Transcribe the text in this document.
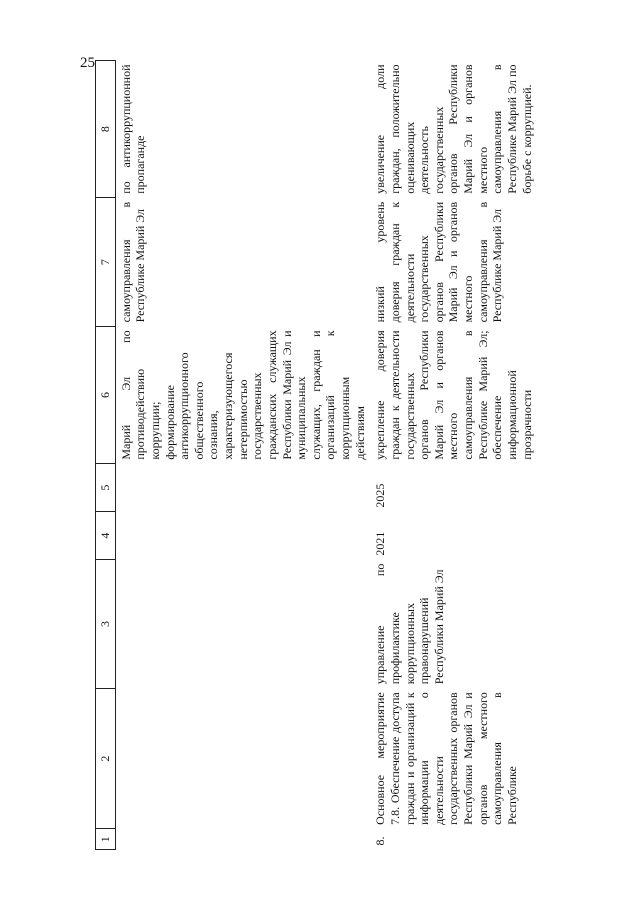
25
1	2	3	4	5	6	7	8
					Марий Эл по противодействию коррупции; формирование антикоррупционного общественного сознания, характеризующегося нетерпимостью государственных гражданских служащих Республики Марий Эл и муниципальных служащих, граждан и организаций к коррупционным действиям	самоуправления в Республике Марий Эл	по антикоррупционной пропаганде
8.	Основное мероприятие 7.8. Обеспечение доступа граждан и организаций к информации о деятельности государственных органов Республики Марий Эл и органов местного самоуправления в Республике	управление по профилактике коррупционных правонарушений Республики Марий Эл	2021	2025	укрепление доверия граждан к деятельности государственных органов Республики Марий Эл и органов местного самоуправления в Республике Марий Эл; обеспечение информационной прозрачности	низкий уровень доверия граждан к деятельности государственных органов Республики Марий Эл и органов местного самоуправления в Республике Марий Эл	увеличение доли граждан, положительно оценивающих деятельность государственных органов Республики Марий Эл и органов местного самоуправления в Республике Марий Эл по борьбе с коррупцией.
